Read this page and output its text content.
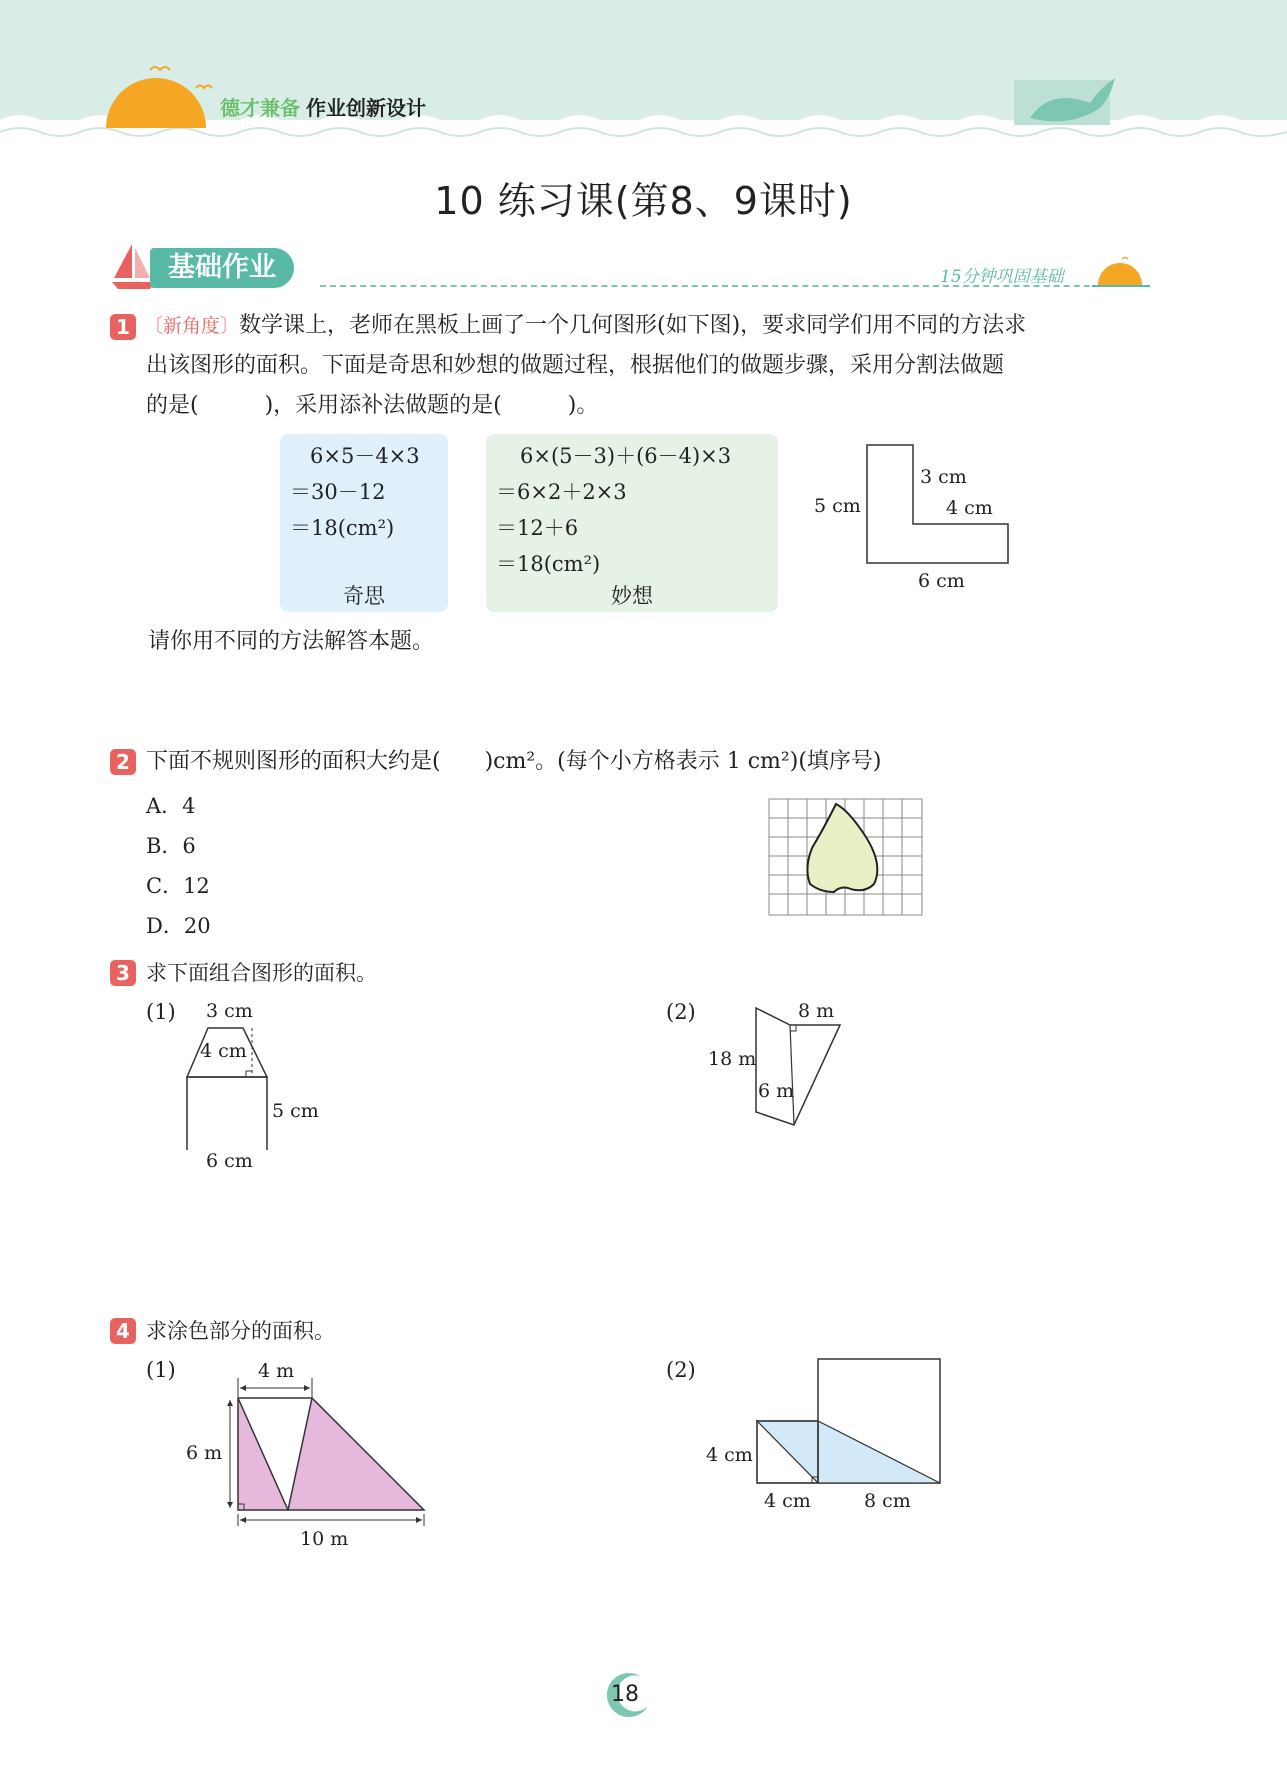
德才兼备 作业创新设计
10 练习课(第8、9课时)
基础作业	15分钟巩固基础
1 〔新角度〕数学课上，老师在黑板上画了一个几何图形(如下图)，要求同学们用不同的方法求
出该图形的面积。下面是奇思和妙想的做题过程，根据他们的做题步骤，采用分割法做题
的是(　　　)，采用添补法做题的是(　　　)。
6×5－4×3
＝30－12
＝18(cm²)
奇思
6×(5－3)＋(6－4)×3
＝6×2＋2×3
＝12＋6
＝18(cm²)
妙想
3 cm
5 cm	4 cm
6 cm
请你用不同的方法解答本题。
2 下面不规则图形的面积大约是(　　)cm²。(每个小方格表示 1 cm²)(填序号)
A．4
B．6
C．12
D．20
3 求下面组合图形的面积。
(1) 3 cm
4 cm
5 cm
6 cm
(2)	8 m
18 m
6 m
4 求涂色部分的面积。
(1)	4 m
6 m
10 m
(2)
4 cm
4 cm	8 cm
18
